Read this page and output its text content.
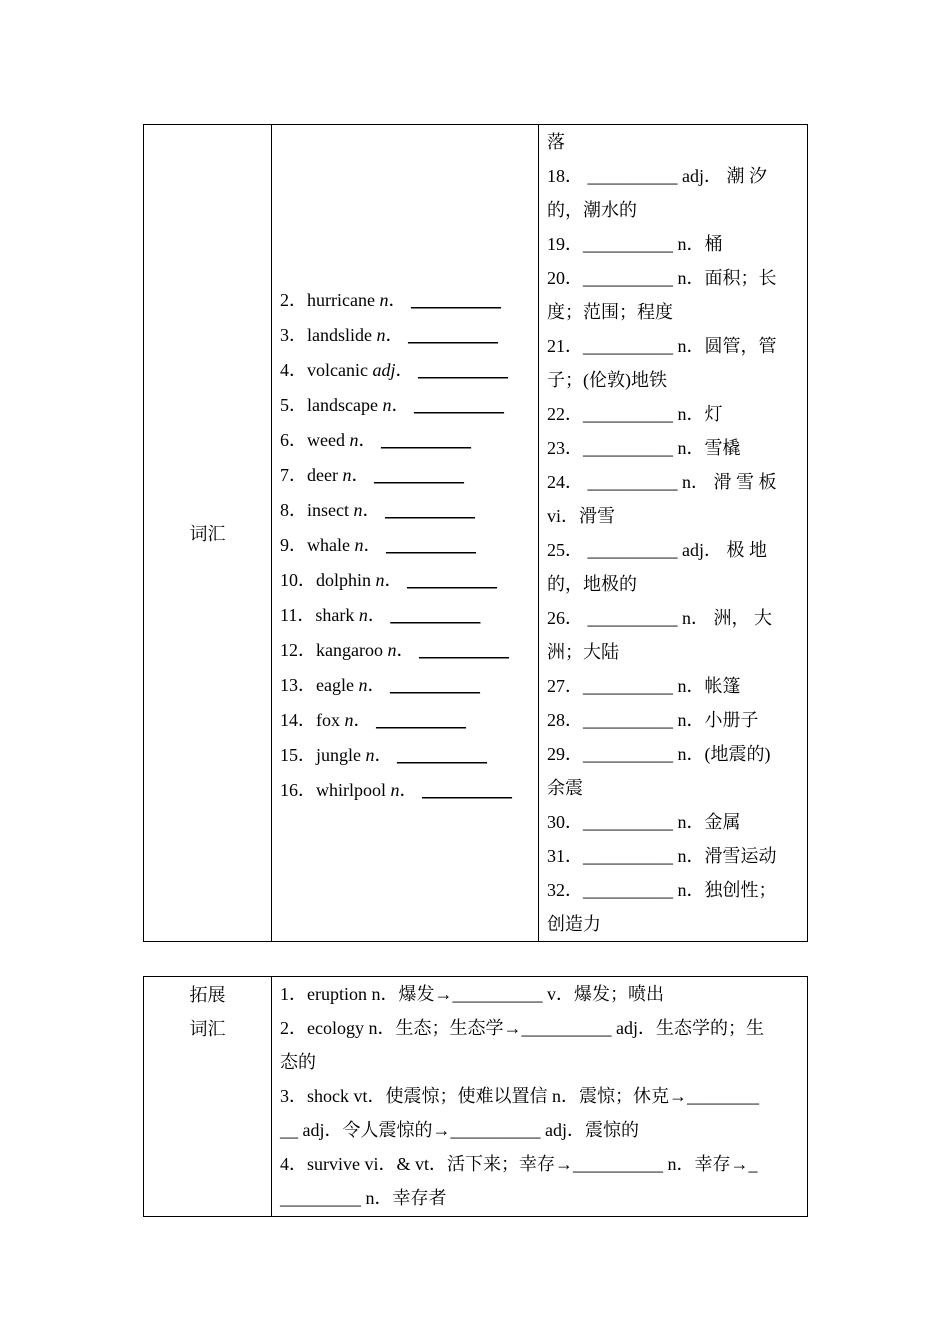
词汇	
2．hurricane n． __________
3．landslide n． __________
4．volcanic adj． __________
5．landscape n． __________
6．weed n． __________
7．deer n． __________
8．insect n． __________
9．whale n． __________
10．dolphin n． __________
11．shark n． __________
12．kangaroo n． __________
13．eagle n． __________
14．fox n． __________
15．jungle n． __________
16．whirlpool n． __________

落
18． __________ adj． 潮 汐
的，潮水的
19．__________ n．桶
20．__________ n．面积；长
度；范围；程度
21．__________ n．圆管，管
子；(伦敦)地铁
22．__________ n．灯
23．__________ n．雪橇
24． __________ n． 滑 雪 板
vi．滑雪
25． __________ adj． 极 地
的，地极的
26． __________ n． 洲， 大
洲；大陆
27．__________ n．帐篷
28．__________ n．小册子
29．__________ n．(地震的)
余震
30．__________ n．金属
31．__________ n．滑雪运动
32．__________ n．独创性；
创造力
拓展
词汇

1．eruption n．爆发→__________ v．爆发；喷出
2．ecology n．生态；生态学→__________ adj．生态学的；生
态的
3．shock vt．使震惊；使难以置信 n．震惊；休克→________
__ adj．令人震惊的→__________ adj．震惊的
4．survive vi．& vt．活下来；幸存→__________ n．幸存→_
_________ n．幸存者
